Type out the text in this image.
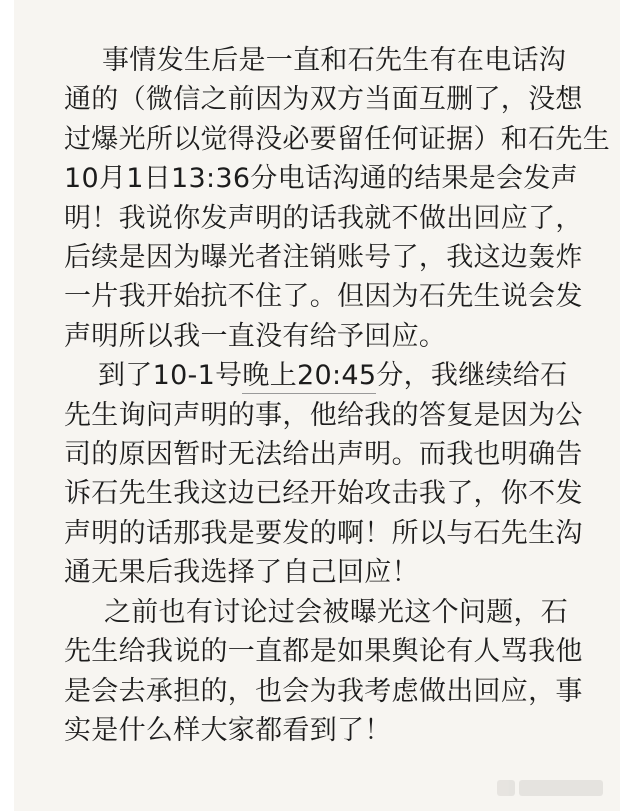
事情发生后是一直和石先生有在电话沟
通的（微信之前因为双方当面互删了，没想
过爆光所以觉得没必要留任何证据）和石先生
10月1日13:36分电话沟通的结果是会发声
明！我说你发声明的话我就不做出回应了，
后续是因为曝光者注销账号了，我这边轰炸
一片我开始抗不住了。但因为石先生说会发
声明所以我一直没有给予回应。

到了10-1号晚上20:45分，我继续给石
先生询问声明的事，他给我的答复是因为公
司的原因暂时无法给出声明。而我也明确告
诉石先生我这边已经开始攻击我了，你不发
声明的话那我是要发的啊！所以与石先生沟
通无果后我选择了自己回应！

之前也有讨论过会被曝光这个问题，石
先生给我说的一直都是如果舆论有人骂我他
是会去承担的，也会为我考虑做出回应，事
实是什么样大家都看到了！
